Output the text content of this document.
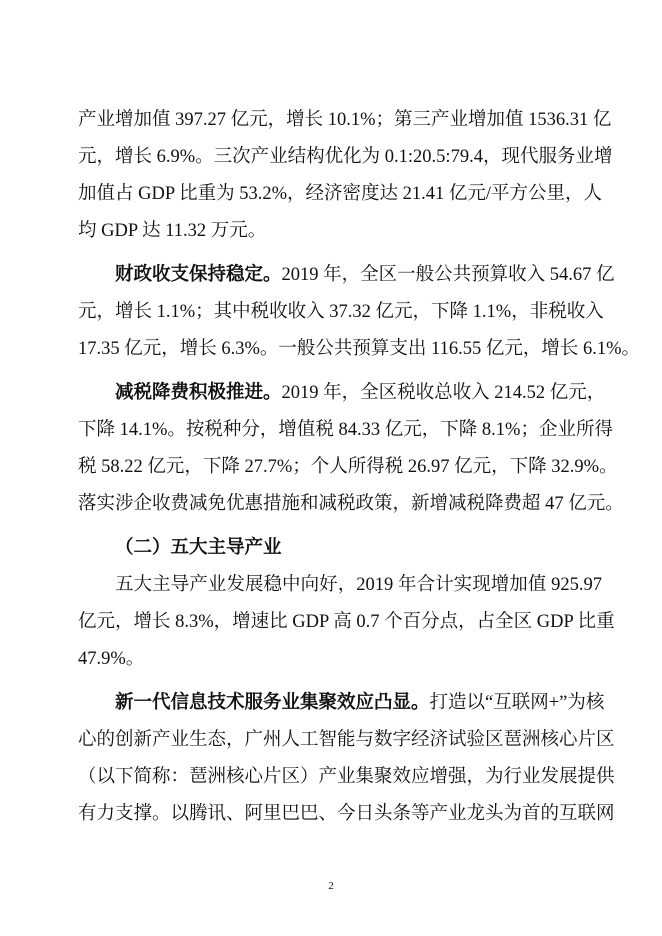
产业增加值 397.27 亿元，增长 10.1%；第三产业增加值 1536.31 亿
元，增长 6.9%。三次产业结构优化为 0.1:20.5:79.4，现代服务业增
加值占 GDP 比重为 53.2%，经济密度达 21.41 亿元/平方公里，人
均 GDP 达 11.32 万元。
财政收支保持稳定。2019 年，全区一般公共预算收入 54.67 亿
元，增长 1.1%；其中税收收入 37.32 亿元，下降 1.1%，非税收入
17.35 亿元，增长 6.3%。一般公共预算支出 116.55 亿元，增长 6.1%。
减税降费积极推进。2019 年，全区税收总收入 214.52 亿元，
下降 14.1%。按税种分，增值税 84.33 亿元，下降 8.1%；企业所得
税 58.22 亿元，下降 27.7%；个人所得税 26.97 亿元，下降 32.9%。
落实涉企收费减免优惠措施和减税政策，新增减税降费超 47 亿元。
（二）五大主导产业
五大主导产业发展稳中向好，2019 年合计实现增加值 925.97
亿元，增长 8.3%，增速比 GDP 高 0.7 个百分点，占全区 GDP 比重
47.9%。
新一代信息技术服务业集聚效应凸显。打造以“互联网+”为核
心的创新产业生态，广州人工智能与数字经济试验区琶洲核心片区
（以下简称：琶洲核心片区）产业集聚效应增强，为行业发展提供
有力支撑。以腾讯、阿里巴巴、今日头条等产业龙头为首的互联网
2
